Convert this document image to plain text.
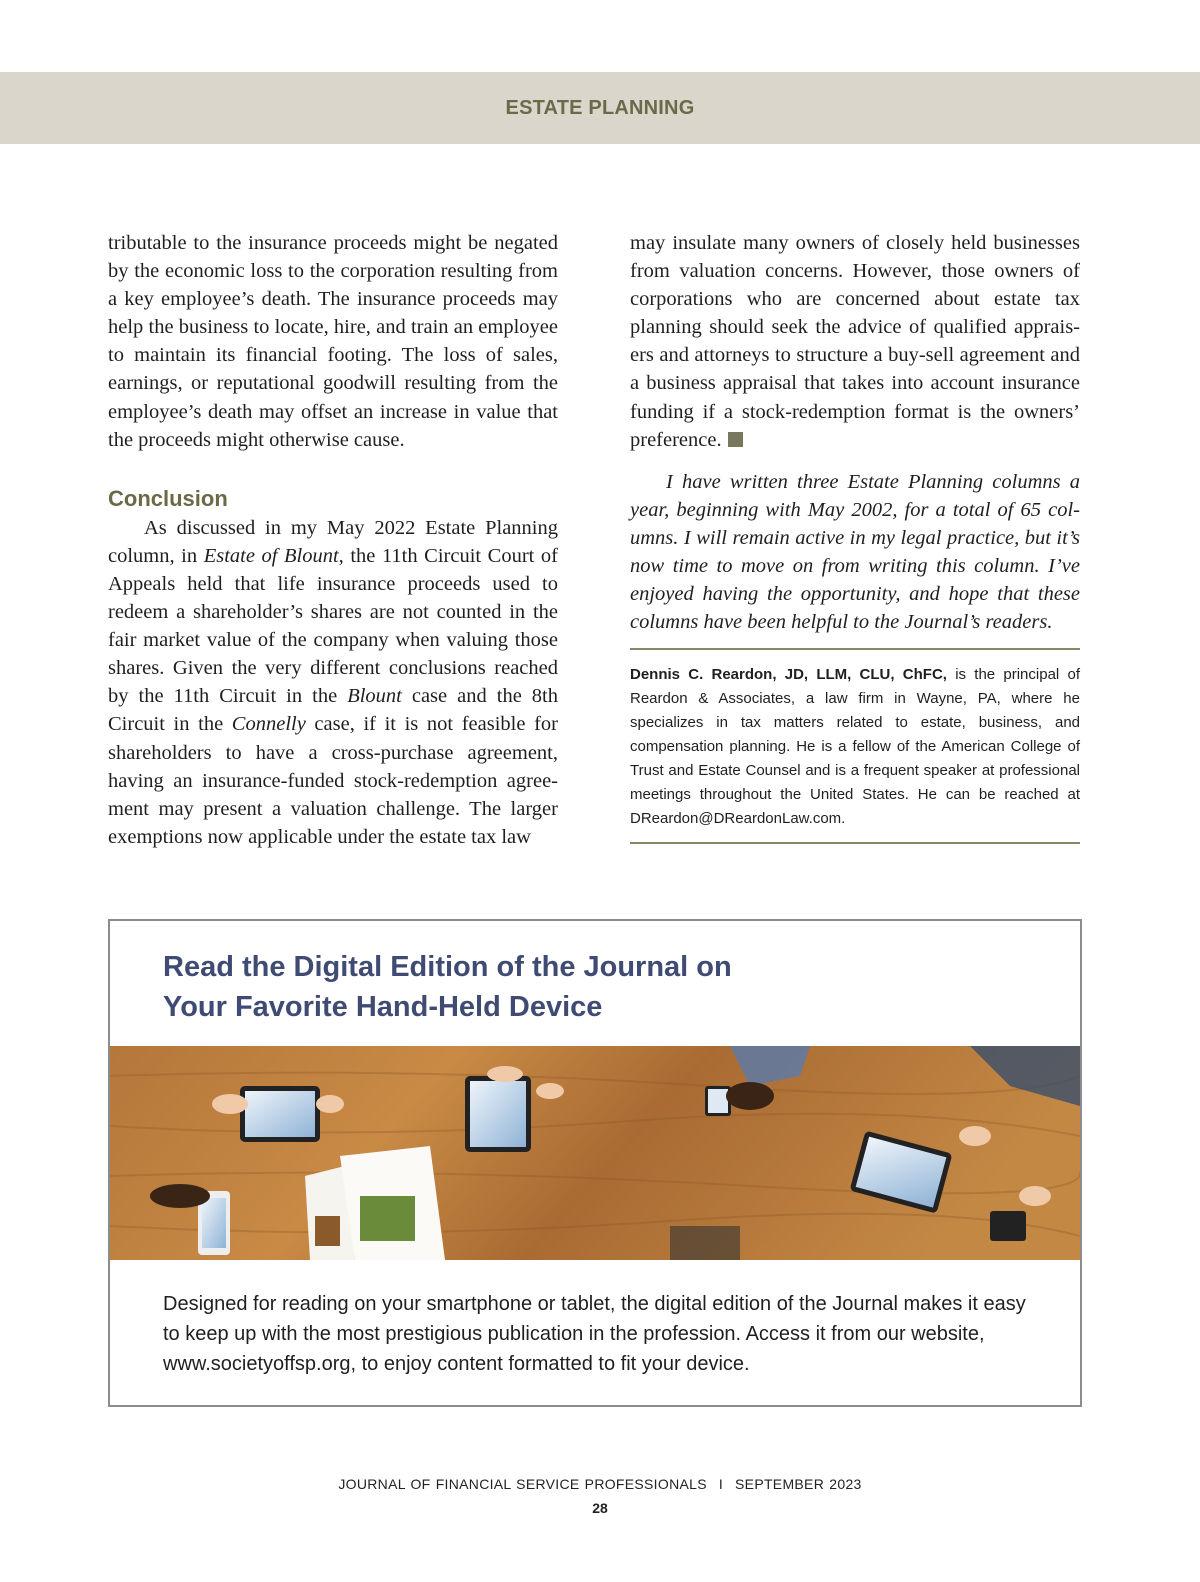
ESTATE PLANNING

tributable to the insurance proceeds might be negated by the economic loss to the corporation resulting from a key employee’s death. The insurance proceeds may help the business to locate, hire, and train an employee to maintain its financial footing. The loss of sales, earnings, or reputational goodwill resulting from the employee’s death may offset an increase in value that the proceeds might otherwise cause.

Conclusion

As discussed in my May 2022 Estate Planning column, in Estate of Blount, the 11th Circuit Court of Appeals held that life insurance proceeds used to redeem a shareholder’s shares are not counted in the fair market value of the company when valuing those shares. Given the very different conclusions reached by the 11th Circuit in the Blount case and the 8th Circuit in the Connelly case, if it is not feasible for shareholders to have a cross-purchase agreement, having an insurance-funded stock-redemption agreement may present a valuation challenge. The larger exemptions now applicable under the estate tax law

may insulate many owners of closely held businesses from valuation concerns. However, those owners of corporations who are concerned about estate tax planning should seek the advice of qualified appraisers and attorneys to structure a buy-sell agreement and a business appraisal that takes into account insurance funding if a stock-redemption format is the owners’ preference.

I have written three Estate Planning columns a year, beginning with May 2002, for a total of 65 columns. I will remain active in my legal practice, but it’s now time to move on from writing this column. I’ve enjoyed having the opportunity, and hope that these columns have been helpful to the Journal’s readers.

Dennis C. Reardon, JD, LLM, CLU, ChFC, is the principal of Reardon & Associates, a law firm in Wayne, PA, where he specializes in tax matters related to estate, business, and compensation planning. He is a fellow of the American College of Trust and Estate Counsel and is a frequent speaker at professional meetings throughout the United States. He can be reached at DReardon@DReardonLaw.com.

Read the Digital Edition of the Journal on
Your Favorite Hand-Held Device
Designed for reading on your smartphone or tablet, the digital edition of the Journal makes it easy to keep up with the most prestigious publication in the profession. Access it from our website, www.societyoffsp.org, to enjoy content formatted to fit your device.
JOURNAL OF FINANCIAL SERVICE PROFESSIONALS I SEPTEMBER 2023
28
